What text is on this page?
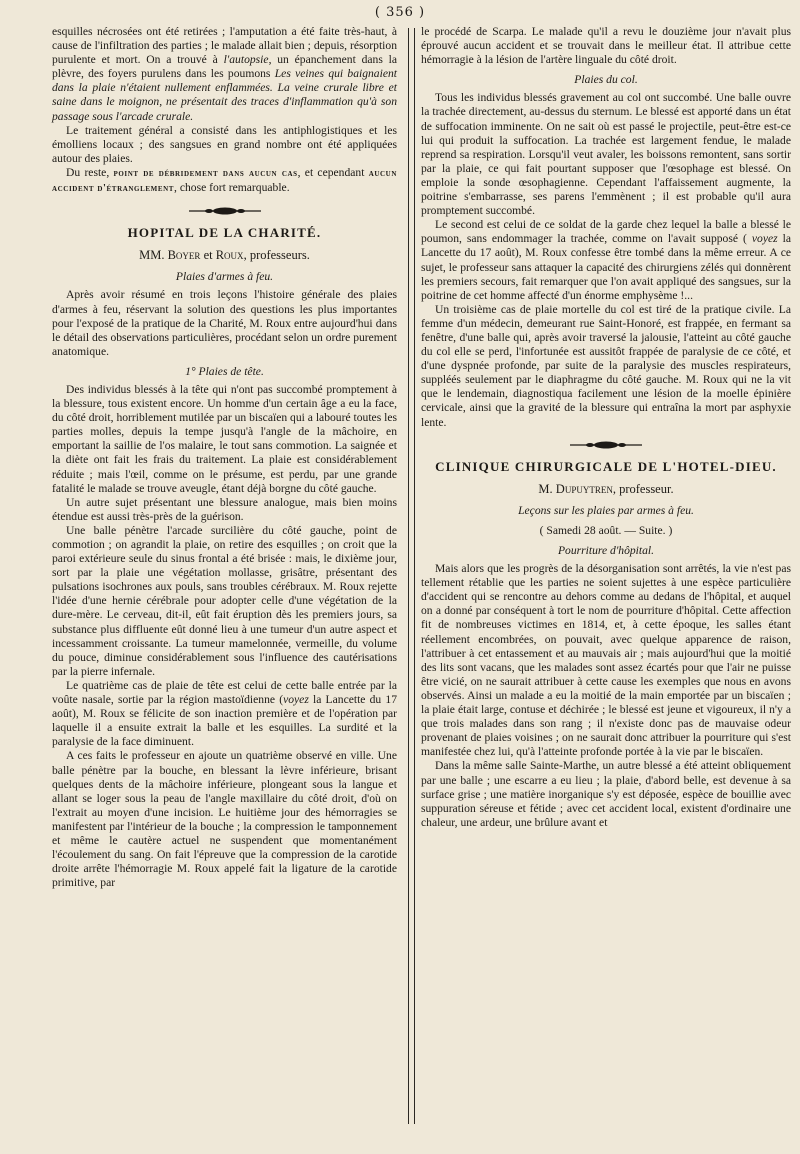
( 356 )

esquilles nécrosées ont été retirées ; l'amputation a été faite très-haut, à cause de l'infiltration des parties ; le malade allait bien ; depuis, résorption purulente et mort. On a trouvé à l'autopsie, un épanchement dans la plèvre, des foyers purulens dans les poumons Les veines qui baignaient dans la plaie n'étaient nullement enflammées. La veine crurale libre et saine dans le moignon, ne présentait des traces d'inflammation qu'à son passage sous l'arcade crurale.

Le traitement général a consisté dans les antiphlogistiques et les émolliens locaux ; des sangsues en grand nombre ont été appliquées autour des plaies.

Du reste, point de débridement dans aucun cas, et cependant aucun accident d'étranglement, chose fort remarquable.

HOPITAL DE LA CHARITÉ.
MM. Boyer et Roux, professeurs.
Plaies d'armes à feu.

Après avoir résumé en trois leçons l'histoire générale des plaies d'armes à feu, réservant la solution des questions les plus importantes pour l'exposé de la pratique de la Charité, M. Roux entre aujourd'hui dans le détail des observations particulières, procédant selon un ordre purement anatomique.

1° Plaies de tête.

Des individus blessés à la tête qui n'ont pas succombé promptement à la blessure, tous existent encore. Un homme d'un certain âge a eu la face, du côté droit, horriblement mutilée par un biscaïen qui a labouré toutes les parties molles, depuis la tempe jusqu'à l'angle de la mâchoire, en emportant la saillie de l'os malaire, le tout sans commotion. La saignée et la diète ont fait les frais du traitement. La plaie est considérablement réduite ; mais l'œil, comme on le présume, est perdu, par une grande fatalité le malade se trouve aveugle, étant déjà borgne du côté gauche.

Un autre sujet présentant une blessure analogue, mais bien moins étendue est aussi très-près de la guérison.

Une balle pénètre l'arcade surcilière du côté gauche, point de commotion ; on agrandit la plaie, on retire des esquilles ; on croit que la paroi extérieure seule du sinus frontal a été brisée : mais, le dixième jour, sort par la plaie une végétation mollasse, grisâtre, présentant des pulsations isochrones aux pouls, sans troubles cérébraux. M. Roux rejette l'idée d'une hernie cérébrale pour adopter celle d'une végétation de la dure-mère. Le cerveau, dit-il, eût fait éruption dès les premiers jours, sa substance plus diffluente eût donné lieu à une tumeur d'un autre aspect et incessamment croissante. La tumeur mamelonnée, vermeille, du volume du pouce, diminue considérablement sous l'influence des cautérisations par la pierre infernale.

Le quatrième cas de plaie de tête est celui de cette balle entrée par la voûte nasale, sortie par la région mastoïdienne (voyez la Lancette du 17 août), M. Roux se félicite de son inaction première et de l'opération par laquelle il a ensuite extrait la balle et les esquilles. La surdité et la paralysie de la face diminuent.

A ces faits le professeur en ajoute un quatrième observé en ville. Une balle pénètre par la bouche, en blessant la lèvre inférieure, brisant quelques dents de la mâchoire inférieure, plongeant sous la langue et allant se loger sous la peau de l'angle maxillaire du côté droit, d'où on l'extrait au moyen d'une incision. Le huitième jour des hémorragies se manifestent par l'intérieur de la bouche ; la compression le tamponnement et même le cautère actuel ne suspendent que momentanément l'écoulement du sang. On fait l'épreuve que la compression de la carotide droite arrête l'hémorragie M. Roux appelé fait la ligature de la carotide primitive, par

le procédé de Scarpa. Le malade qu'il a revu le douzième jour n'avait plus éprouvé aucun accident et se trouvait dans le meilleur état. Il attribue cette hémorragie à la lésion de l'artère linguale du côté droit.

Plaies du col.

Tous les individus blessés gravement au col ont succombé. Une balle ouvre la trachée directement, au-dessus du sternum. Le blessé est apporté dans un état de suffocation imminente. On ne sait où est passé le projectile, peut-être est-ce lui qui produit la suffocation. La trachée est largement fendue, le malade reprend sa respiration. Lorsqu'il veut avaler, les boissons remontent, sans sortir par la plaie, ce qui fait pourtant supposer que l'œsophage est blessé. On emploie la sonde œsophagienne. Cependant l'affaissement augmente, la poitrine s'embarrasse, ses parens l'emmènent ; il est probable qu'il aura promptement succombé.

Le second est celui de ce soldat de la garde chez lequel la balle a blessé le poumon, sans endommager la trachée, comme on l'avait supposé ( voyez la Lancette du 17 août), M. Roux confesse être tombé dans la même erreur. A ce sujet, le professeur sans attaquer la capacité des chirurgiens zélés qui donnèrent les premiers secours, fait remarquer que l'on avait appliqué des sangsues, sur la poitrine de cet homme affecté d'un énorme emphysème !...

Un troisième cas de plaie mortelle du col est tiré de la pratique civile. La femme d'un médecin, demeurant rue Saint-Honoré, est frappée, en fermant sa fenêtre, d'une balle qui, après avoir traversé la jalousie, l'atteint au côté gauche du col elle se perd, l'infortunée est aussitôt frappée de paralysie de ce côté, et d'une dyspnée profonde, par suite de la paralysie des muscles respirateurs, suppléés seulement par le diaphragme du côté gauche. M. Roux qui ne la vit que le lendemain, diagnostiqua facilement une lésion de la moelle épinière cervicale, ainsi que la gravité de la blessure qui entraîna la mort par asphyxie lente.

CLINIQUE CHIRURGICALE DE L'HOTEL-DIEU.
M. Dupuytren, professeur.
Leçons sur les plaies par armes à feu.
( Samedi 28 août. — Suite. )
Pourriture d'hôpital.

Mais alors que les progrès de la désorganisation sont arrêtés, la vie n'est pas tellement rétablie que les parties ne soient sujettes à une espèce particulière d'accident qui se rencontre au dehors comme au dedans de l'hôpital, et auquel on a donné par conséquent à tort le nom de pourriture d'hôpital. Cette affection fit de nombreuses victimes en 1814, et, à cette époque, les salles étant réellement encombrées, on pouvait, avec quelque apparence de raison, l'attribuer à cet entassement et au mauvais air ; mais aujourd'hui que la moitié des lits sont vacans, que les malades sont assez écartés pour que l'air ne puisse être vicié, on ne saurait attribuer à cette cause les exemples que nous en avons observés. Ainsi un malade a eu la moitié de la main emportée par un biscaïen ; la plaie était large, contuse et déchirée ; le blessé est jeune et vigoureux, il n'y a que trois malades dans son rang ; il n'existe donc pas de mauvaise odeur provenant de plaies voisines ; on ne saurait donc attribuer la pourriture qui s'est manifestée chez lui, qu'à l'atteinte profonde portée à la vie par le biscaïen.

Dans la même salle Sainte-Marthe, un autre blessé a été atteint obliquement par une balle ; une escarre a eu lieu ; la plaie, d'abord belle, est devenue à sa surface grise ; une matière inorganique s'y est déposée, espèce de bouillie avec suppuration séreuse et fétide ; avec cet accident local, existent d'ordinaire une chaleur, une ardeur, une brûlure avant et
